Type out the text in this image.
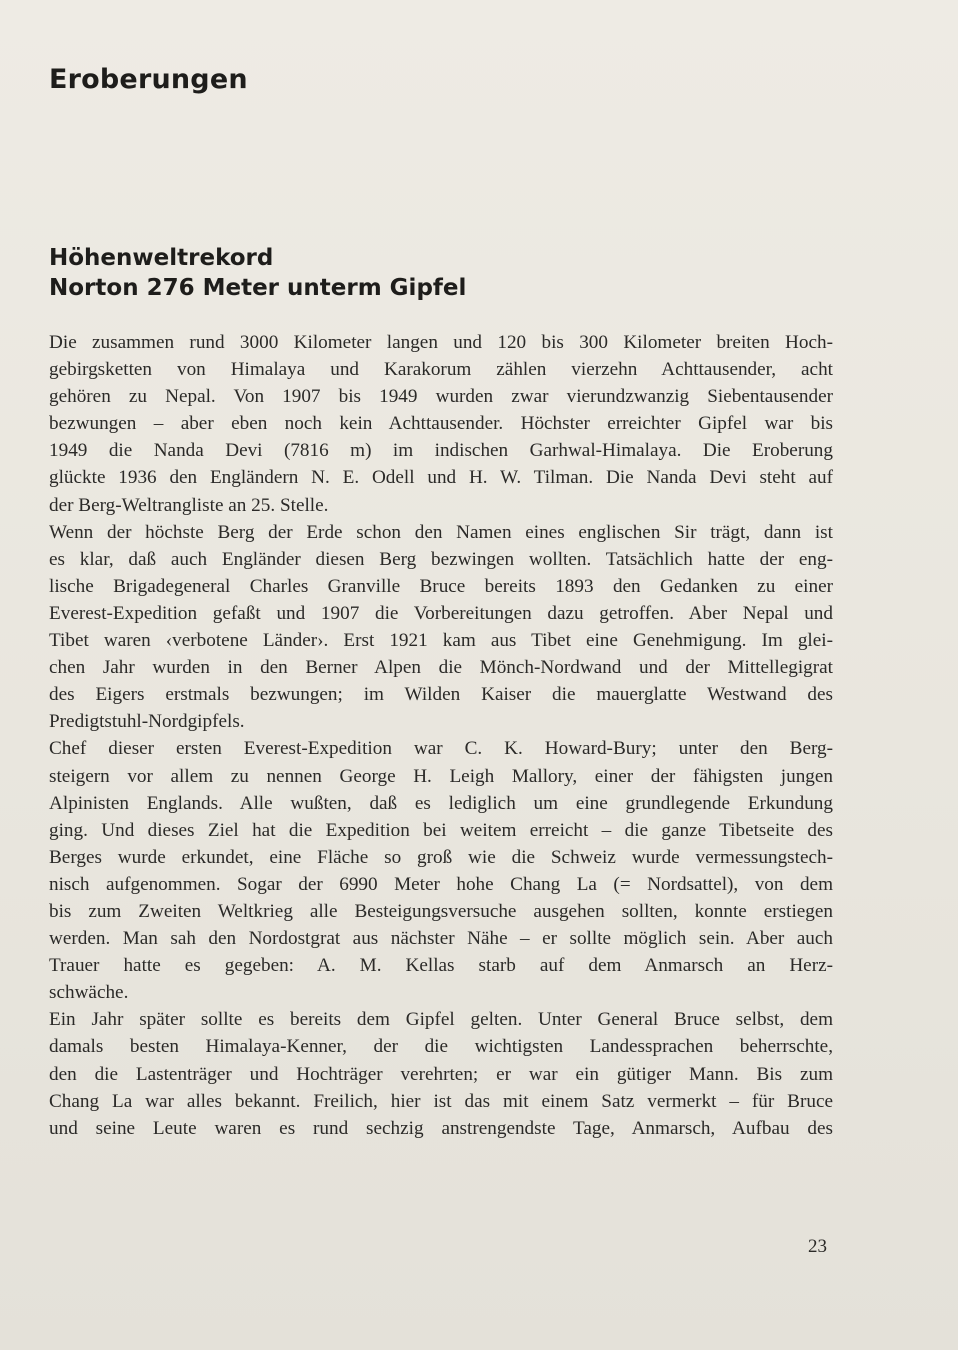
Eroberungen
Höhenweltrekord
Norton 276 Meter unterm Gipfel
Die zusammen rund 3000 Kilometer langen und 120 bis 300 Kilometer breiten Hoch-
gebirgsketten von Himalaya und Karakorum zählen vierzehn Achttausender, acht
gehören zu Nepal. Von 1907 bis 1949 wurden zwar vierundzwanzig Siebentausender
bezwungen – aber eben noch kein Achttausender. Höchster erreichter Gipfel war bis
1949 die Nanda Devi (7816 m) im indischen Garhwal-Himalaya. Die Eroberung
glückte 1936 den Engländern N. E. Odell und H. W. Tilman. Die Nanda Devi steht auf
der Berg-Weltrangliste an 25. Stelle.
Wenn der höchste Berg der Erde schon den Namen eines englischen Sir trägt, dann ist
es klar, daß auch Engländer diesen Berg bezwingen wollten. Tatsächlich hatte der eng-
lische Brigadegeneral Charles Granville Bruce bereits 1893 den Gedanken zu einer
Everest-Expedition gefaßt und 1907 die Vorbereitungen dazu getroffen. Aber Nepal und
Tibet waren ‹verbotene Länder›. Erst 1921 kam aus Tibet eine Genehmigung. Im glei-
chen Jahr wurden in den Berner Alpen die Mönch-Nordwand und der Mittellegigrat
des Eigers erstmals bezwungen; im Wilden Kaiser die mauerglatte Westwand des
Predigtstuhl-Nordgipfels.
Chef dieser ersten Everest-Expedition war C. K. Howard-Bury; unter den Berg-
steigern vor allem zu nennen George H. Leigh Mallory, einer der fähigsten jungen
Alpinisten Englands. Alle wußten, daß es lediglich um eine grundlegende Erkundung
ging. Und dieses Ziel hat die Expedition bei weitem erreicht – die ganze Tibetseite des
Berges wurde erkundet, eine Fläche so groß wie die Schweiz wurde vermessungstech-
nisch aufgenommen. Sogar der 6990 Meter hohe Chang La (= Nordsattel), von dem
bis zum Zweiten Weltkrieg alle Besteigungsversuche ausgehen sollten, konnte erstiegen
werden. Man sah den Nordostgrat aus nächster Nähe – er sollte möglich sein. Aber auch
Trauer hatte es gegeben: A. M. Kellas starb auf dem Anmarsch an Herz-
schwäche.
Ein Jahr später sollte es bereits dem Gipfel gelten. Unter General Bruce selbst, dem
damals besten Himalaya-Kenner, der die wichtigsten Landessprachen beherrschte,
den die Lastenträger und Hochträger verehrten; er war ein gütiger Mann. Bis zum
Chang La war alles bekannt. Freilich, hier ist das mit einem Satz vermerkt – für Bruce
und seine Leute waren es rund sechzig anstrengendste Tage, Anmarsch, Aufbau des
23
